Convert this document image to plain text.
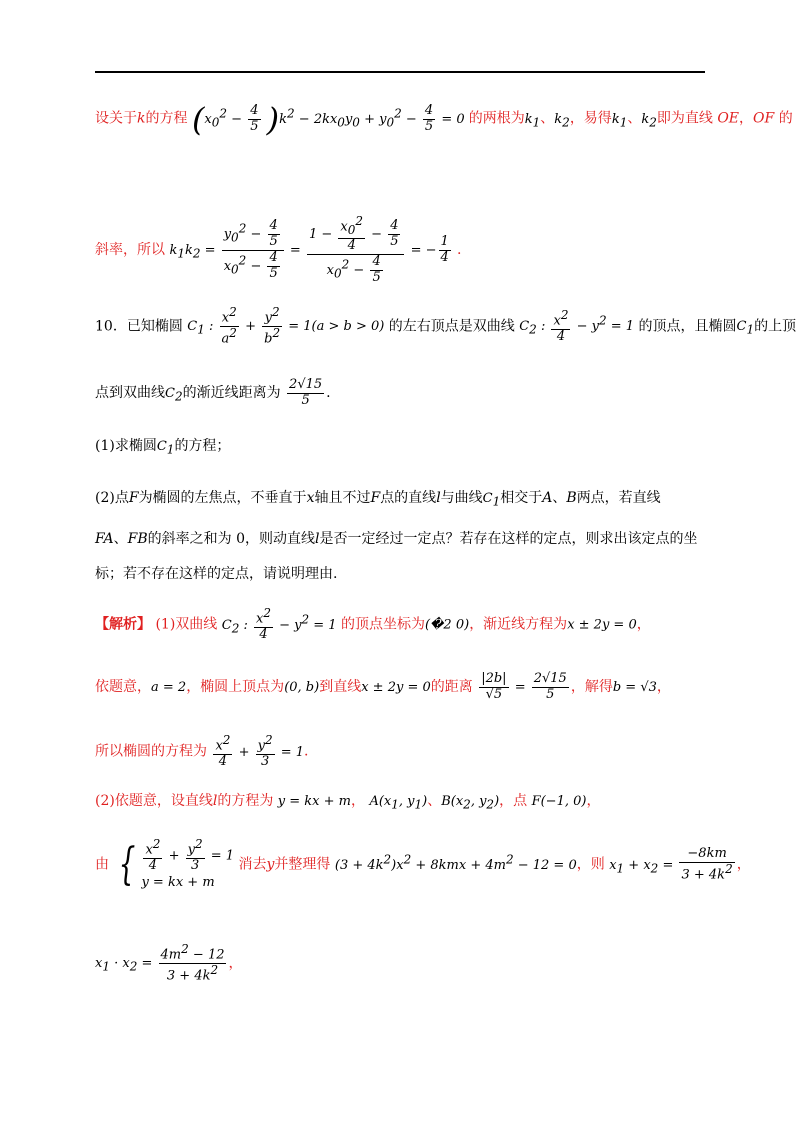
设关于k的方程 $(x_0^2 - \frac{4}{5} )k^2 - 2kx_0y_0 + y_0^2 - \frac{4}{5} = 0$ 的两根为$k_1$、$k_2$，易得$k_1$、$k_2$即为直线 OE，OF 的
斜率，所以 $k_1k_2 = \frac{y_0^2 - \frac{4}{5}}{x_0^2 - \frac{4}{5}} = \frac{1 - \frac{x_0^2}{4} - \frac{4}{5}}{x_0^2 - \frac{4}{5}}$ = − $\frac{1}{4}$ .
10．已知椭圆 $C_1$ : $\frac{x^2}{a^2} + \frac{y^2}{b^2} = 1(a > b > 0)$ 的左右顶点是双曲线 $C_2$ : $\frac{x^2}{4} - y^2 = 1$ 的顶点，且椭圆$C_1$的上顶
点到双曲线$C_2$的渐近线距离为 $\frac{2√15}{5}$ .
(1)求椭圆$C_1$的方程；
(2)点F为椭圆的左焦点，不垂直于x轴且不过F点的直线l与曲线$C_1$相交于A、B两点，若直线
FA、FB的斜率之和为 0，则动直线l是否一定经过一定点？若存在这样的定点，则求出该定点的坐
标；若不存在这样的定点，请说明理由.
【解析】 (1)双曲线 $C_2$ : $\frac{x^2}{4} - y^2 = 1$ 的顶点坐标为(�2 0)，渐近线方程为x ± 2y = 0，
依题意，a = 2，椭圆上顶点为(0, b)到直线x ± 2y = 0的距离 $\frac{|2b|}{√5} = \frac{2√15}{5}$ ，解得b = √3，
所以椭圆的方程为 $\frac{x^2}{4} + \frac{y^2}{3} = 1$.
(2)依题意，设直线l的方程为 y = kx + m， $A(x_1$, $y_1$)、$B(x_2$, $y_2$)，点 F(−1, 0)，
由 { $\frac{x^2}{4} + \frac{y^2}{3} = 1$
y = kx + m
消去y并整理得 $(3 + 4k^2)x^2 + 8kmx + 4m^2 - 12 = 0$，则 $x_1 + x_2 = \frac{-8km}{3 + 4k^2}$ ，
$x_1 \cdot x_2 = \frac{4m^2 - 12}{3 + 4k^2}$ ，
